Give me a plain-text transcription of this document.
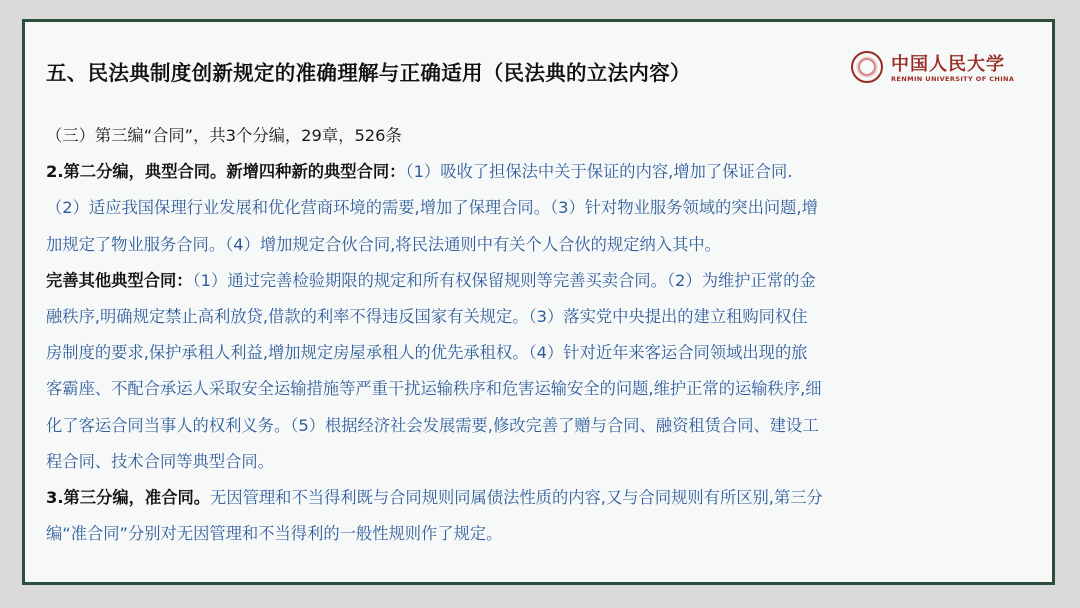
五、民法典制度创新规定的准确理解与正确适用（民法典的立法内容）	中国人民大学
RENMIN UNIVERSITY OF CHINA
（三）第三编“合同”，共3个分编，29章，526条
2.第二分编，典型合同。新增四种新的典型合同：（1）吸收了担保法中关于保证的内容,增加了保证合同.
（2）适应我国保理行业发展和优化营商环境的需要,增加了保理合同。（3）针对物业服务领域的突出问题,增
加规定了物业服务合同。（4）增加规定合伙合同,将民法通则中有关个人合伙的规定纳入其中。
完善其他典型合同：（1）通过完善检验期限的规定和所有权保留规则等完善买卖合同。（2）为维护正常的金
融秩序,明确规定禁止高利放贷,借款的利率不得违反国家有关规定。（3）落实党中央提出的建立租购同权住
房制度的要求,保护承租人利益,增加规定房屋承租人的优先承租权。（4）针对近年来客运合同领域出现的旅
客霸座、不配合承运人采取安全运输措施等严重干扰运输秩序和危害运输安全的问题,维护正常的运输秩序,细
化了客运合同当事人的权利义务。（5）根据经济社会发展需要,修改完善了赠与合同、融资租赁合同、建设工
程合同、技术合同等典型合同。
3.第三分编，准合同。无因管理和不当得利既与合同规则同属债法性质的内容,又与合同规则有所区别,第三分
编“准合同”分别对无因管理和不当得利的一般性规则作了规定。
